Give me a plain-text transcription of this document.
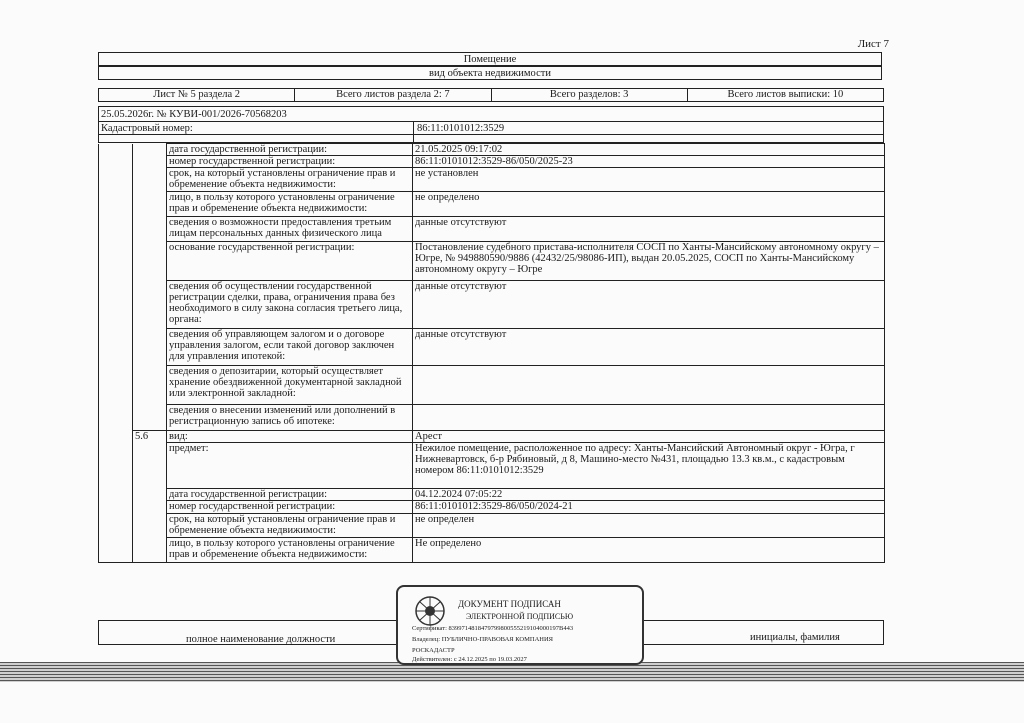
Лист 7
Помещение
вид объекта недвижимости
Лист № 5 раздела 2	Всего листов раздела 2: 7	Всего разделов: 3	Всего листов выписки: 10
25.05.2026г. № КУВИ-001/2026-70568203
Кадастровый номер:	86:11:0101012:3529
		дата государственной регистрации:	21.05.2025 09:17:02
		номер государственной регистрации:	86:11:0101012:3529-86/050/2025-23
		срок, на который установлены ограничение прав и обременение объекта недвижимости:	не установлен
		лицо, в пользу которого установлены ограничение прав и обременение объекта недвижимости:	не определено
		сведения о возможности предоставления третьим лицам персональных данных физического лица	данные отсутствуют
		основание государственной регистрации:	Постановление судебного пристава-исполнителя СОСП по Ханты-Мансийскому автономному округу – Югре, № 949880590/9886 (42432/25/98086-ИП), выдан 20.05.2025, СОСП по Ханты-Мансийскому автономному округу – Югре
		сведения об осуществлении государственной регистрации сделки, права, ограничения права без необходимого в силу закона согласия третьего лица, органа:	данные отсутствуют
		сведения об управляющем залогом и о договоре управления залогом, если такой договор заключен для управления ипотекой:	данные отсутствуют
		сведения о депозитарии, который осуществляет хранение обездвиженной документарной закладной или электронной закладной:	
		сведения о внесении изменений или дополнений в регистрационную запись об ипотеке:	
	5.6	вид:	Арест
		предмет:	Нежилое помещение, расположенное по адресу: Ханты-Мансийский Автономный округ - Югра, г Нижневартовск, б-р Рябиновый, д 8, Машино-место №431, площадью 13.3 кв.м., с кадастровым номером 86:11:0101012:3529
		дата государственной регистрации:	04.12.2024 07:05:22
		номер государственной регистрации:	86:11:0101012:3529-86/050/2024-21
		срок, на который установлены ограничение прав и обременение объекта недвижимости:	не определен
		лицо, в пользу которого установлены ограничение прав и обременение объекта недвижимости:	Не определено
полное наименование должности	инициалы, фамилия
ДОКУМЕНТ ПОДПИСАН
ЭЛЕКТРОННОЙ ПОДПИСЬЮ
Сертификат: 8399714818479799800555219104000197B443
Владелец: ПУБЛИЧНО-ПРАВОВАЯ КОМПАНИЯ
РОСКАДАСТР
Действителен: с 24.12.2025 по 19.03.2027
